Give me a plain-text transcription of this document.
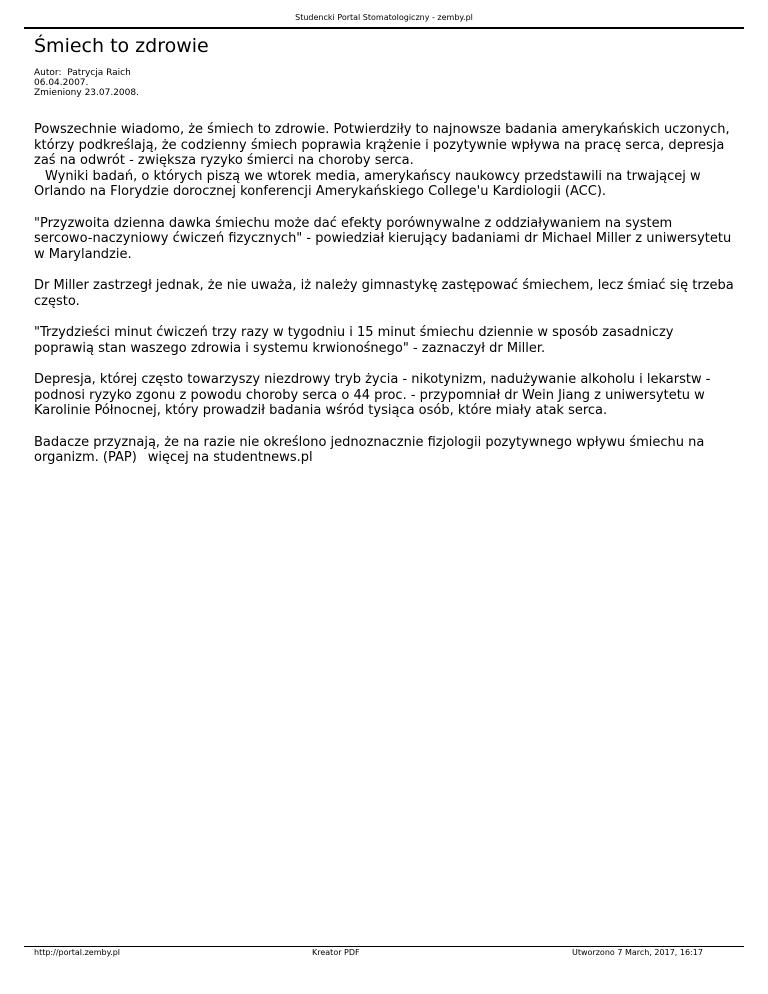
Studencki Portal Stomatologiczny - zemby.pl
Śmiech to zdrowie
Autor:  Patrycja Raich
06.04.2007.
Zmieniony 23.07.2008.

Powszechnie wiadomo, że śmiech to zdrowie. Potwierdziły to najnowsze badania amerykańskich uczonych, którzy podkreślają, że codzienny śmiech poprawia krążenie i pozytywnie wpływa na pracę serca, depresja zaś na odwrót - zwiększa ryzyko śmierci na choroby serca.
Wyniki badań, o których piszą we wtorek media, amerykańscy naukowcy przedstawili na trwającej w Orlando na Florydzie dorocznej konferencji Amerykańskiego College'u Kardiologii (ACC).

"Przyzwoita dzienna dawka śmiechu może dać efekty porównywalne z oddziaływaniem na system sercowo-naczyniowy ćwiczeń fizycznych" - powiedział kierujący badaniami dr Michael Miller z uniwersytetu w Marylandzie.

Dr Miller zastrzegł jednak, że nie uważa, iż należy gimnastykę zastępować śmiechem, lecz śmiać się trzeba często.

"Trzydzieści minut ćwiczeń trzy razy w tygodniu i 15 minut śmiechu dziennie w sposób zasadniczy poprawią stan waszego zdrowia i systemu krwionośnego" - zaznaczył dr Miller.

Depresja, której często towarzyszy niezdrowy tryb życia - nikotynizm, nadużywanie alkoholu i lekarstw - podnosi ryzyko zgonu z powodu choroby serca o 44 proc. - przypomniał dr Wein Jiang z uniwersytetu w Karolinie Północnej, który prowadził badania wśród tysiąca osób, które miały atak serca.

Badacze przyznają, że na razie nie określono jednoznacznie fizjologii pozytywnego wpływu śmiechu na organizm. (PAP) więcej na studentnews.pl

http://portal.zemby.pl	Kreator PDF	Utworzono 7 March, 2017, 16:17
